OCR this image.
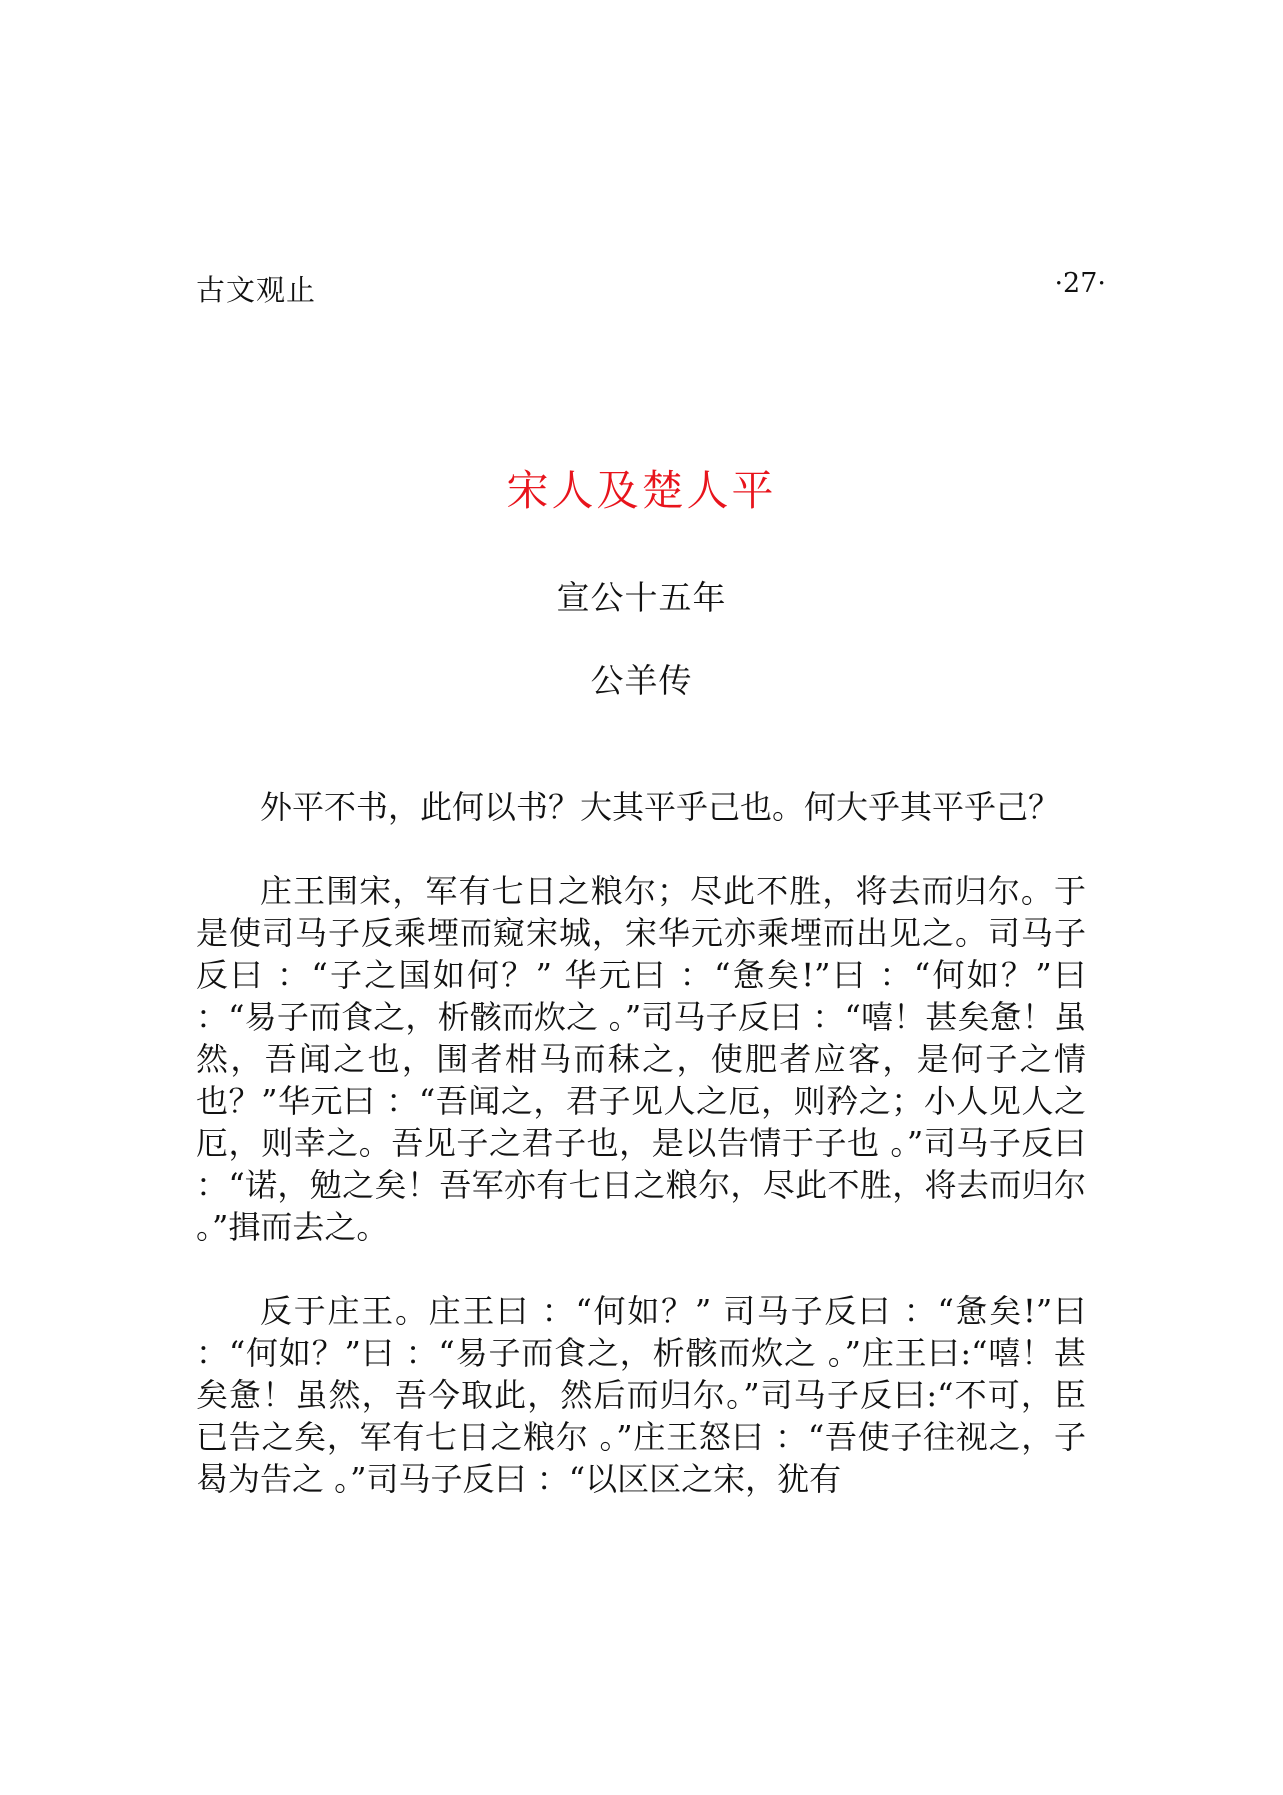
古文观止	·27·
宋人及楚人平
宣公十五年
公羊传

外平不书，此何以书？大其平乎己也。何大乎其平乎己？

庄王围宋，军有七日之粮尔；尽此不胜，将去而归尔。于是使司马子反乘堙而窥宋城，宋华元亦乘堙而出见之。司马子反曰 ：“子之国如何？” 华元曰 ：“惫矣!”曰 ：“何如？”曰 ：“易子而食之，析骸而炊之 。”司马子反曰 ：“嘻！甚矣惫！虽然，吾闻之也，围者柑马而秣之，使肥者应客，是何子之情也？”华元曰 ：“吾闻之，君子见人之厄，则矜之；小人见人之厄，则幸之。吾见子之君子也，是以告情于子也 。”司马子反曰 ：“诺，勉之矣！吾军亦有七日之粮尔，尽此不胜，将去而归尔 。”揖而去之。

反于庄王。庄王曰 ：“何如？” 司马子反曰 ：“惫矣!”曰 ：“何如？”曰 ：“易子而食之，析骸而炊之 。”庄王曰:“嘻！甚矣惫！虽然，吾今取此，然后而归尔。”司马子反曰:“不可，臣已告之矣，军有七日之粮尔 。”庄王怒曰 ：“吾使子往视之，子曷为告之 。”司马子反曰 ：“以区区之宋，犹有
